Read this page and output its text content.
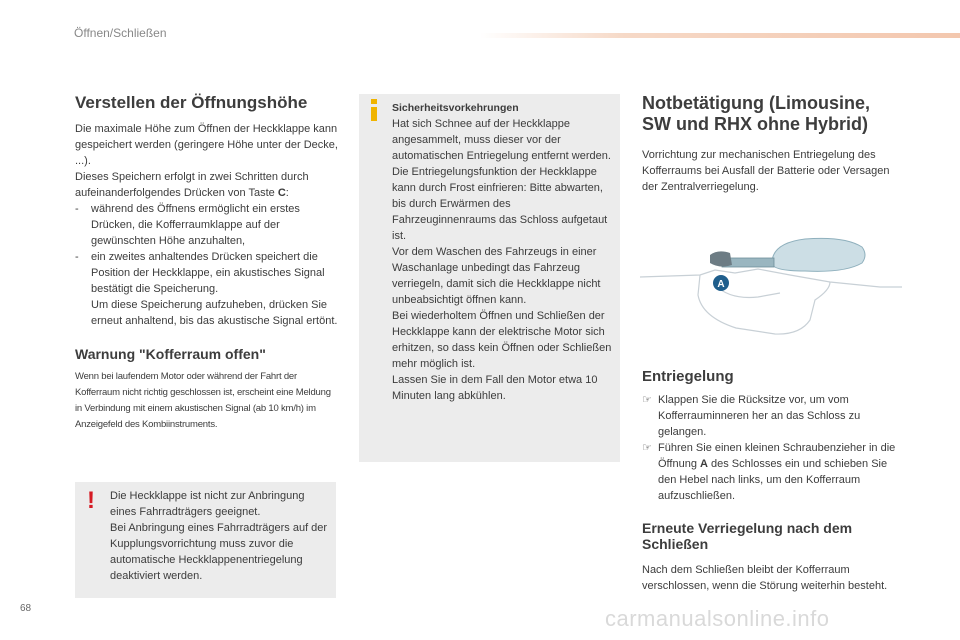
Öffnen/Schließen
Verstellen der Öffnungshöhe

Die maximale Höhe zum Öffnen der Heckklappe kann gespeichert werden (geringere Höhe unter der Decke, ...).

Dieses Speichern erfolgt in zwei Schritten durch aufeinanderfolgendes Drücken von Taste C:

- während des Öffnens ermöglicht ein erstes Drücken, die Kofferraumklappe auf der gewünschten Höhe anzuhalten,
- ein zweites anhaltendes Drücken speichert die Position der Heckklappe, ein akustisches Signal bestätigt die Speicherung.
Um diese Speicherung aufzuheben, drücken Sie erneut anhaltend, bis das akustische Signal ertönt.
Warnung "Kofferraum offen"

Wenn bei laufendem Motor oder während der Fahrt der Kofferraum nicht richtig geschlossen ist, erscheint eine Meldung in Verbindung mit einem akustischen Signal (ab 10 km/h) im Anzeigefeld des Kombiinstruments.

! Die Heckklappe ist nicht zur Anbringung eines Fahrradträgers geeignet.

Bei Anbringung eines Fahrradträgers auf der Kupplungsvorrichtung muss zuvor die automatische Heckklappenentriegelung deaktiviert werden.

Sicherheitsvorkehrungen

Hat sich Schnee auf der Heckklappe angesammelt, muss dieser vor der automatischen Entriegelung entfernt werden.

Die Entriegelungsfunktion der Heckklappe kann durch Frost einfrieren: Bitte abwarten, bis durch Erwärmen des Fahrzeuginnenraums das Schloss aufgetaut ist.

Vor dem Waschen des Fahrzeugs in einer Waschanlage unbedingt das Fahrzeug verriegeln, damit sich die Heckklappe nicht unbeabsichtigt öffnen kann.

Bei wiederholtem Öffnen und Schließen der Heckklappe kann der elektrische Motor sich erhitzen, so dass kein Öffnen oder Schließen mehr möglich ist.

Lassen Sie in dem Fall den Motor etwa 10 Minuten lang abkühlen.

Notbetätigung (Limousine, SW und RHX ohne Hybrid)

Vorrichtung zur mechanischen Entriegelung des Kofferraums bei Ausfall der Batterie oder Versagen der Zentralverriegelung.

A
Entriegelung
☞ Klappen Sie die Rücksitze vor, um vom Kofferrauminneren her an das Schloss zu gelangen.
☞ Führen Sie einen kleinen Schraubenzieher in die Öffnung A des Schlosses ein und schieben Sie den Hebel nach links, um den Kofferraum aufzuschließen.
Erneute Verriegelung nach dem Schließen

Nach dem Schließen bleibt der Kofferraum verschlossen, wenn die Störung weiterhin besteht.

68	carmanualsonline.info
